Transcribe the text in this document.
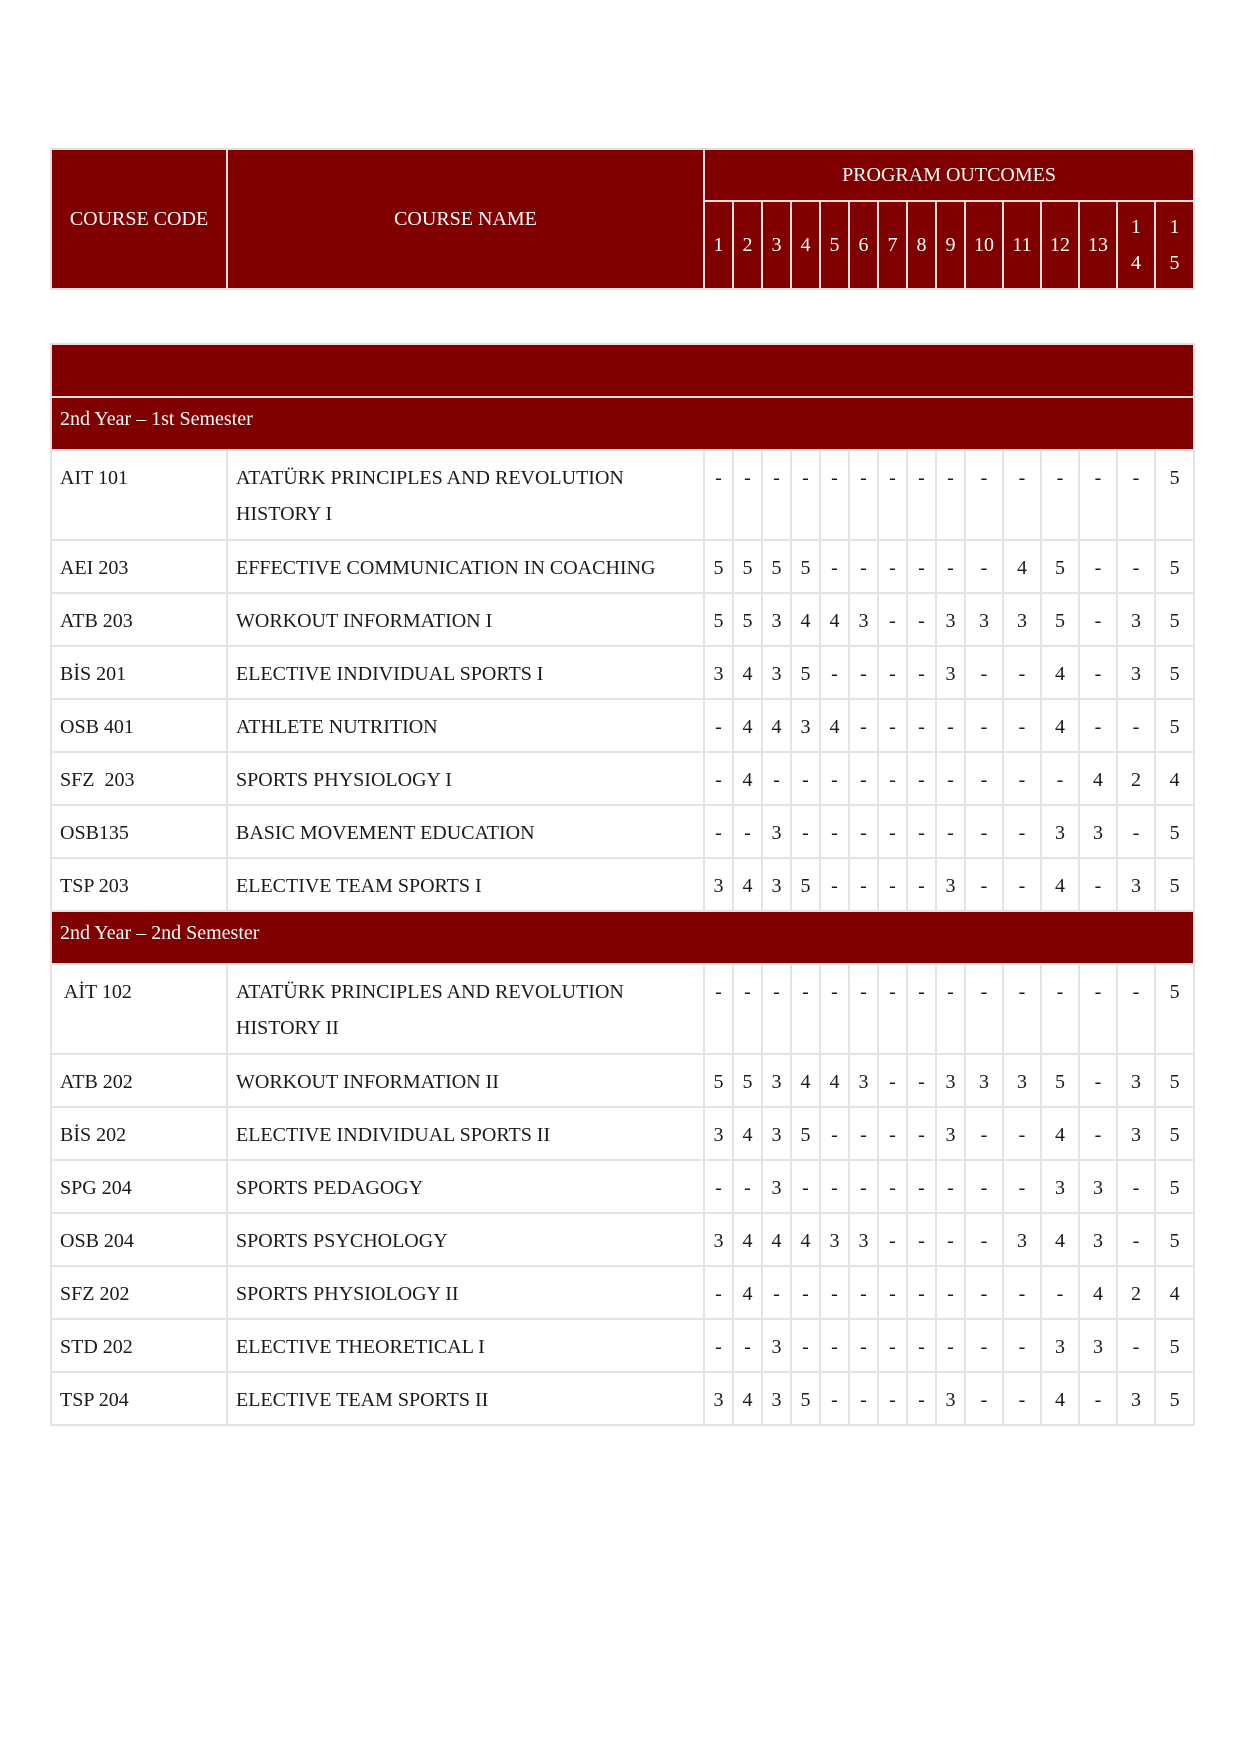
COURSE CODE	COURSE NAME	PROGRAM OUTCOMES														

		1	2	3	4	5	6	7	8	9	10	11	12	13	14	15

2nd Year – 1st Semester																
AIT 101	ATATÜRK PRINCIPLES AND REVOLUTION HISTORY I	-	-	-	-	-	-	-	-	-	-	-	-	-	-	5
AEI 203	EFFECTIVE COMMUNICATION IN COACHING	5	5	5	5	-	-	-	-	-	-	4	5	-	-	5
ATB 203	WORKOUT INFORMATION I	5	5	3	4	4	3	-	-	3	3	3	5	-	3	5
BİS 201	ELECTIVE INDIVIDUAL SPORTS I	3	4	3	5	-	-	-	-	3	-	-	4	-	3	5
OSB 401	ATHLETE NUTRITION	-	4	4	3	4	-	-	-	-	-	-	4	-	-	5
SFZ  203	SPORTS PHYSIOLOGY I	-	4	-	-	-	-	-	-	-	-	-	-	4	2	4
OSB135	BASIC MOVEMENT EDUCATION	-	-	3	-	-	-	-	-	-	-	-	3	3	-	5
TSP 203	ELECTIVE TEAM SPORTS I	3	4	3	5	-	-	-	-	3	-	-	4	-	3	5
2nd Year – 2nd Semester																
AİT 102	ATATÜRK PRINCIPLES AND REVOLUTION HISTORY II	-	-	-	-	-	-	-	-	-	-	-	-	-	-	5
ATB 202	WORKOUT INFORMATION II	5	5	3	4	4	3	-	-	3	3	3	5	-	3	5
BİS 202	ELECTIVE INDIVIDUAL SPORTS II	3	4	3	5	-	-	-	-	3	-	-	4	-	3	5
SPG 204	SPORTS PEDAGOGY	-	-	3	-	-	-	-	-	-	-	-	3	3	-	5
OSB 204	SPORTS PSYCHOLOGY	3	4	4	4	3	3	-	-	-	-	3	4	3	-	5
SFZ 202	SPORTS PHYSIOLOGY II	-	4	-	-	-	-	-	-	-	-	-	-	4	2	4
STD 202	ELECTIVE THEORETICAL I	-	-	3	-	-	-	-	-	-	-	-	3	3	-	5
TSP 204	ELECTIVE TEAM SPORTS II	3	4	3	5	-	-	-	-	3	-	-	4	-	3	5
